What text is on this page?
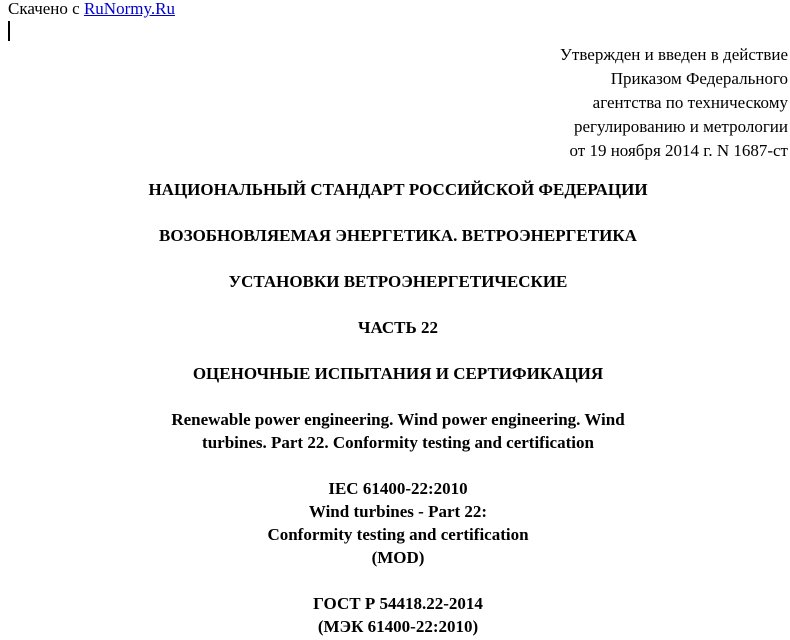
Скачено с RuNormy.Ru
Утвержден и введен в действие
Приказом Федерального
агентства по техническому
регулированию и метрологии
от 19 ноября 2014 г. N 1687-ст
НАЦИОНАЛЬНЫЙ СТАНДАРТ РОССИЙСКОЙ ФЕДЕРАЦИИ
ВОЗОБНОВЛЯЕМАЯ ЭНЕРГЕТИКА. ВЕТРОЭНЕРГЕТИКА
УСТАНОВКИ ВЕТРОЭНЕРГЕТИЧЕСКИЕ
ЧАСТЬ 22
ОЦЕНОЧНЫЕ ИСПЫТАНИЯ И СЕРТИФИКАЦИЯ
Renewable power engineering. Wind power engineering. Wind
turbines. Part 22. Conformity testing and certification
IEC 61400-22:2010
Wind turbines - Part 22:
Conformity testing and certification
(MOD)
ГОСТ Р 54418.22-2014
(МЭК 61400-22:2010)
